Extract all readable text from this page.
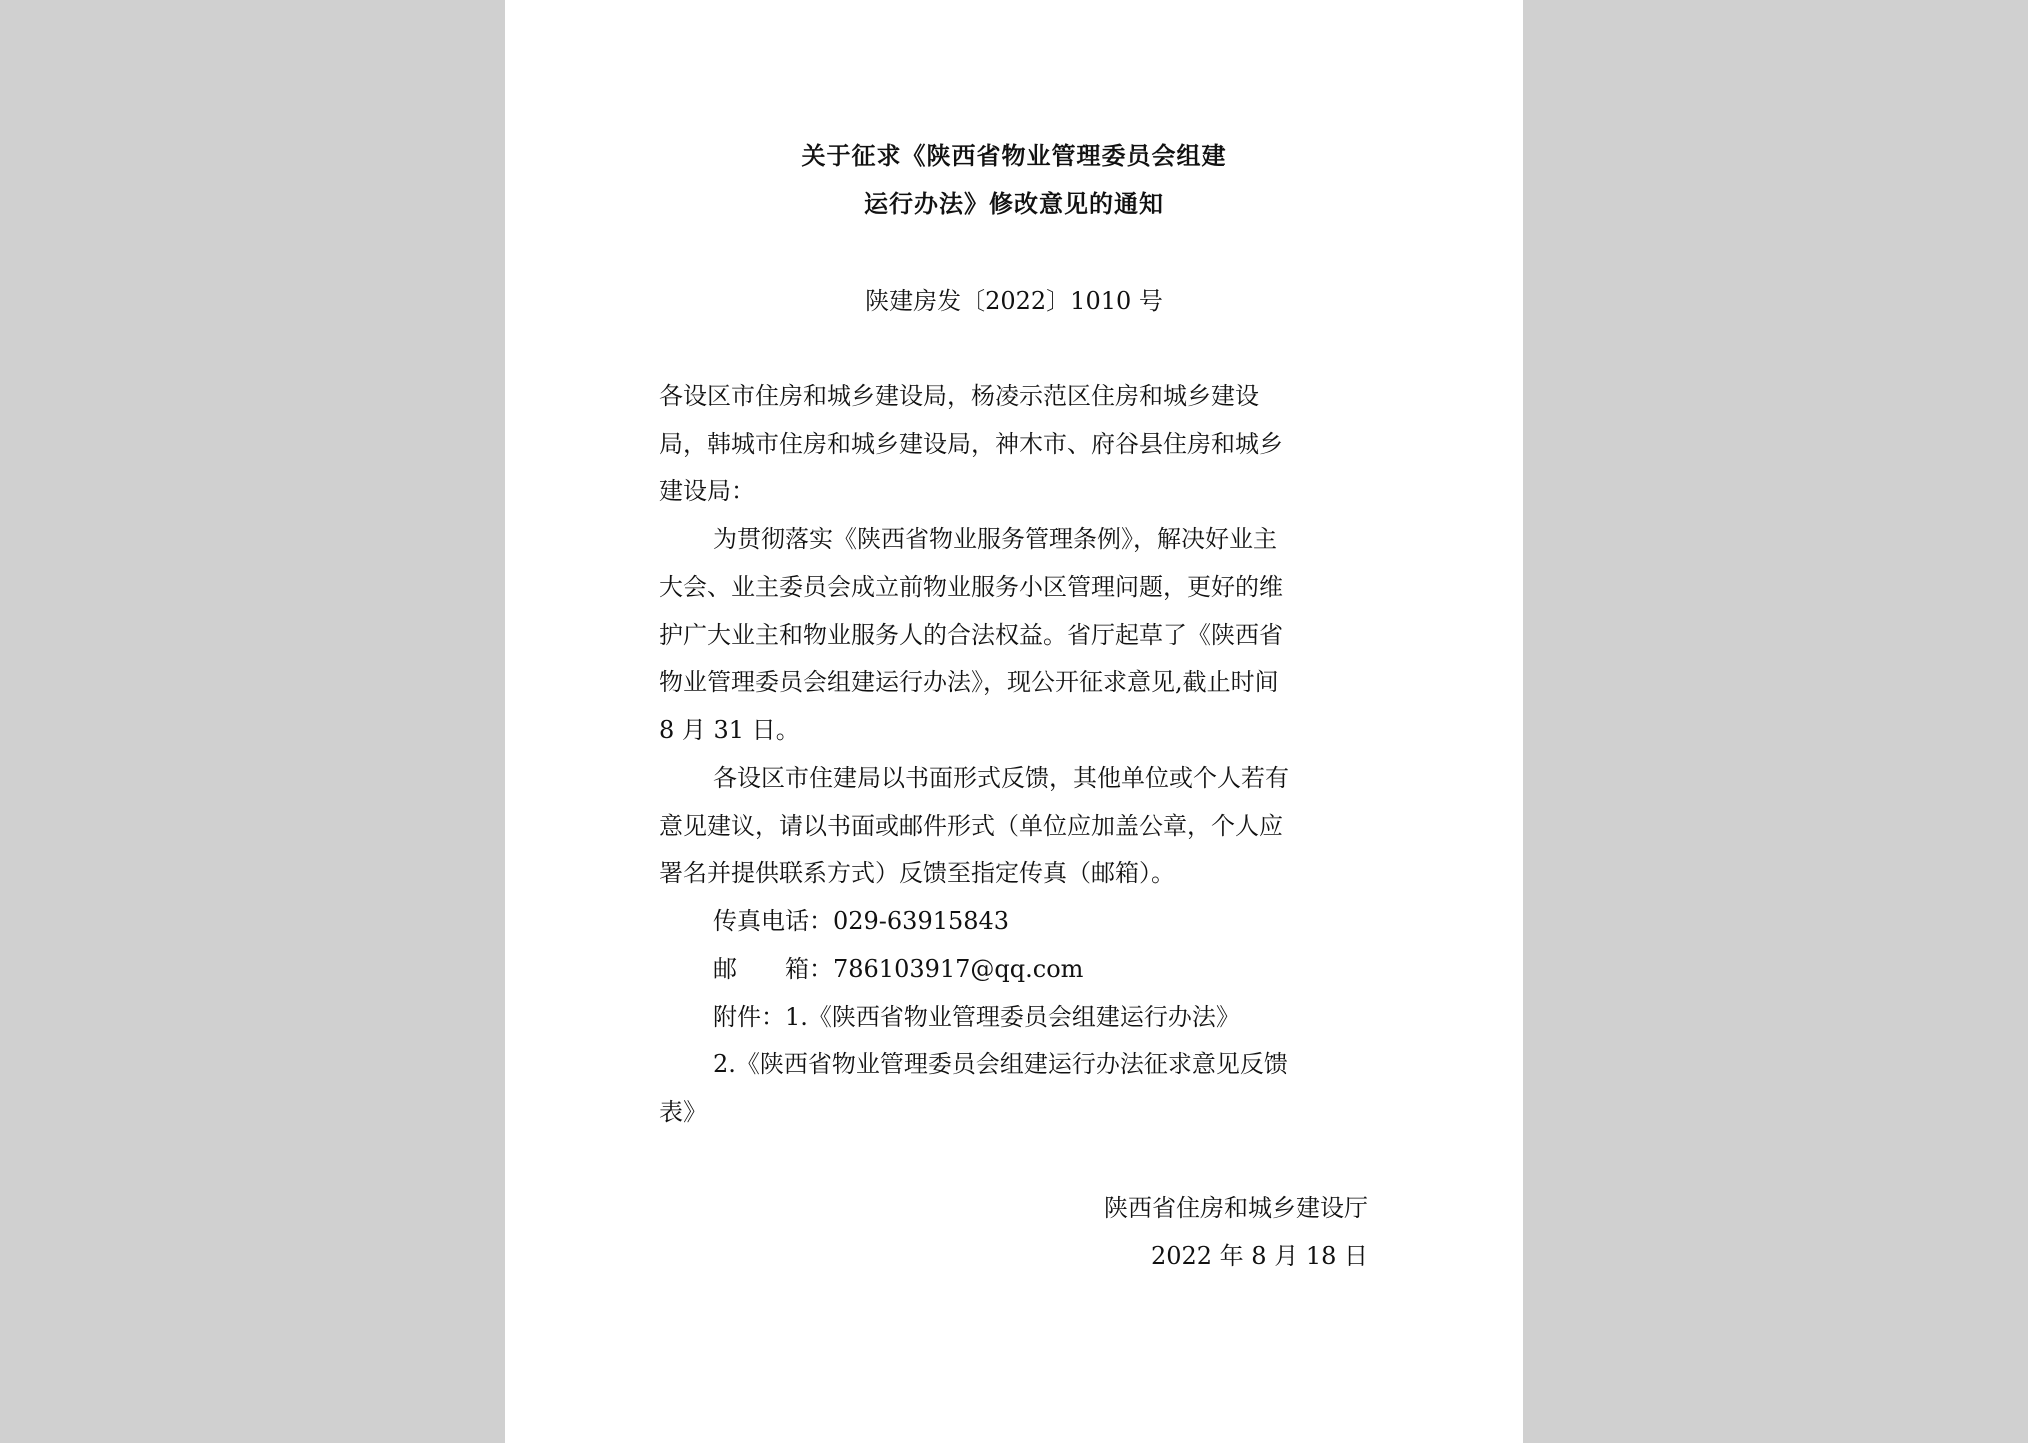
关于征求《陕西省物业管理委员会组建
运行办法》修改意见的通知
陕建房发〔2022〕1010 号
各设区市住房和城乡建设局，杨凌示范区住房和城乡建设
局，韩城市住房和城乡建设局，神木市、府谷县住房和城乡
建设局：
为贯彻落实《陕西省物业服务管理条例》，解决好业主
大会、业主委员会成立前物业服务小区管理问题，更好的维
护广大业主和物业服务人的合法权益。省厅起草了《陕西省
物业管理委员会组建运行办法》，现公开征求意见,截止时间
8 月 31 日。
各设区市住建局以书面形式反馈，其他单位或个人若有
意见建议，请以书面或邮件形式（单位应加盖公章，个人应
署名并提供联系方式）反馈至指定传真（邮箱）。
传真电话：029-63915843
邮　　箱：786103917@qq.com
附件：1.《陕西省物业管理委员会组建运行办法》
2.《陕西省物业管理委员会组建运行办法征求意见反馈
表》
陕西省住房和城乡建设厅
2022 年 8 月 18 日
